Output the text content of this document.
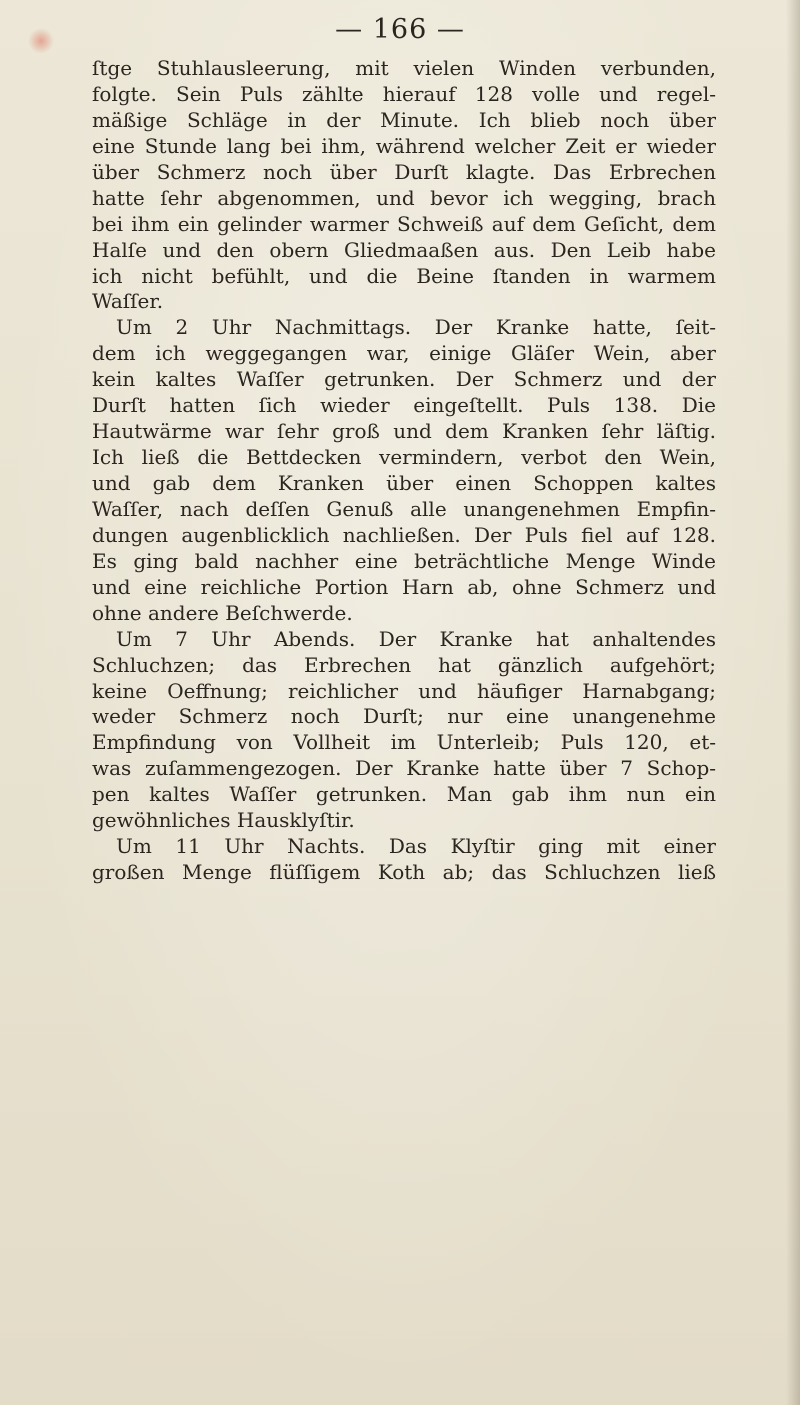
— 166 —
ſtge Stuhlausleerung, mit vielen Winden verbunden,
folgte. Sein Puls zählte hierauf 128 volle und regel-
mäßige Schläge in der Minute. Ich blieb noch über
eine Stunde lang bei ihm, während welcher Zeit er wieder
über Schmerz noch über Durſt klagte. Das Erbrechen
hatte ſehr abgenommen, und bevor ich wegging, brach
bei ihm ein gelinder warmer Schweiß auf dem Geſicht, dem
Halſe und den obern Gliedmaaßen aus. Den Leib habe
ich nicht befühlt, und die Beine ſtanden in warmem
Waſſer.
Um 2 Uhr Nachmittags. Der Kranke hatte, ſeit-
dem ich weggegangen war, einige Gläſer Wein, aber
kein kaltes Waſſer getrunken. Der Schmerz und der
Durſt hatten ſich wieder eingeſtellt. Puls 138. Die
Hautwärme war ſehr groß und dem Kranken ſehr läſtig.
Ich ließ die Bettdecken vermindern, verbot den Wein,
und gab dem Kranken über einen Schoppen kaltes
Waſſer, nach deſſen Genuß alle unangenehmen Empfin-
dungen augenblicklich nachließen. Der Puls fiel auf 128.
Es ging bald nachher eine beträchtliche Menge Winde
und eine reichliche Portion Harn ab, ohne Schmerz und
ohne andere Beſchwerde.
Um 7 Uhr Abends. Der Kranke hat anhaltendes
Schluchzen; das Erbrechen hat gänzlich aufgehört;
keine Oeffnung; reichlicher und häufiger Harnabgang;
weder Schmerz noch Durſt; nur eine unangenehme
Empfindung von Vollheit im Unterleib; Puls 120, et-
was zuſammengezogen. Der Kranke hatte über 7 Schop-
pen kaltes Waſſer getrunken. Man gab ihm nun ein
gewöhnliches Hausklyſtir.
Um 11 Uhr Nachts. Das Klyſtir ging mit einer
großen Menge flüſſigem Koth ab; das Schluchzen ließ
